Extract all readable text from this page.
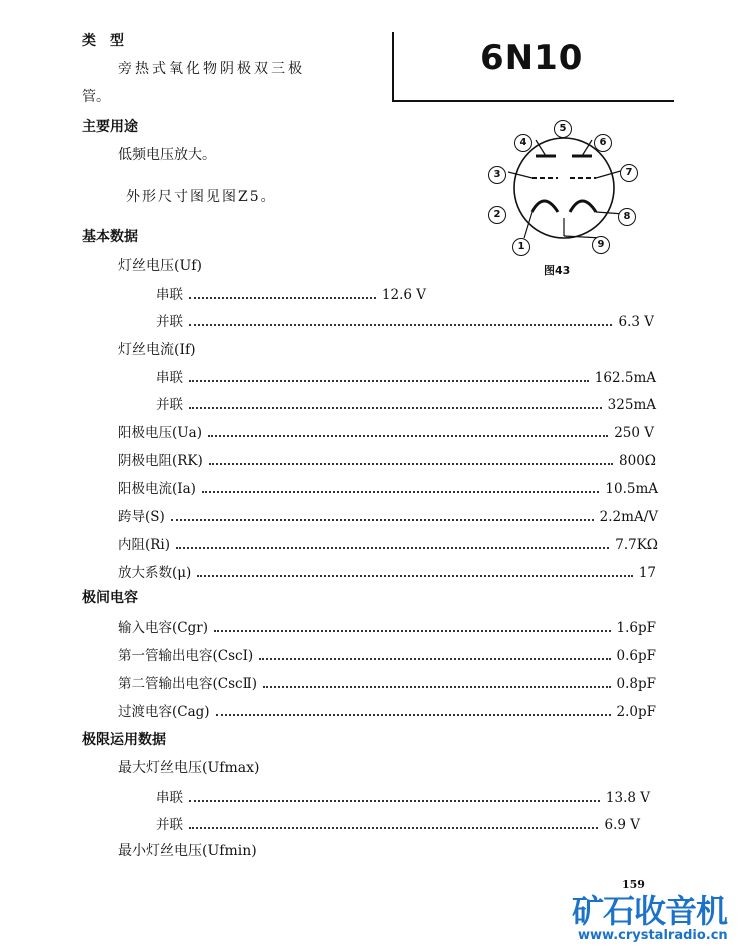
类　型
旁热式氧化物阴极双三极
管。
6N10
主要用途
低频电压放大。
外形尺寸图见图Z5。
1
2
3
4
5
6
7
8
9
图43
基本数据
灯丝电压(Uf)
串联	12.6 V
并联	6.3 V
灯丝电流(If)
串联	162.5mA
并联	325mA
阳极电压(Ua)	250 V
阴极电阻(RK)	800Ω
阳极电流(Ia)	10.5mA
跨导(S)	2.2mA/V
内阻(Ri)	7.7KΩ
放大系数(μ)	17
极间电容
输入电容(Cgr)	1.6pF
第一管输出电容(CscⅠ)	0.6pF
第二管输出电容(CscⅡ)	0.8pF
过渡电容(Cag)	2.0pF
极限运用数据
最大灯丝电压(Ufmax)
串联	13.8 V
并联	6.9 V
最小灯丝电压(Ufmin)
159
矿石收音机
www.crystalradio.cn
